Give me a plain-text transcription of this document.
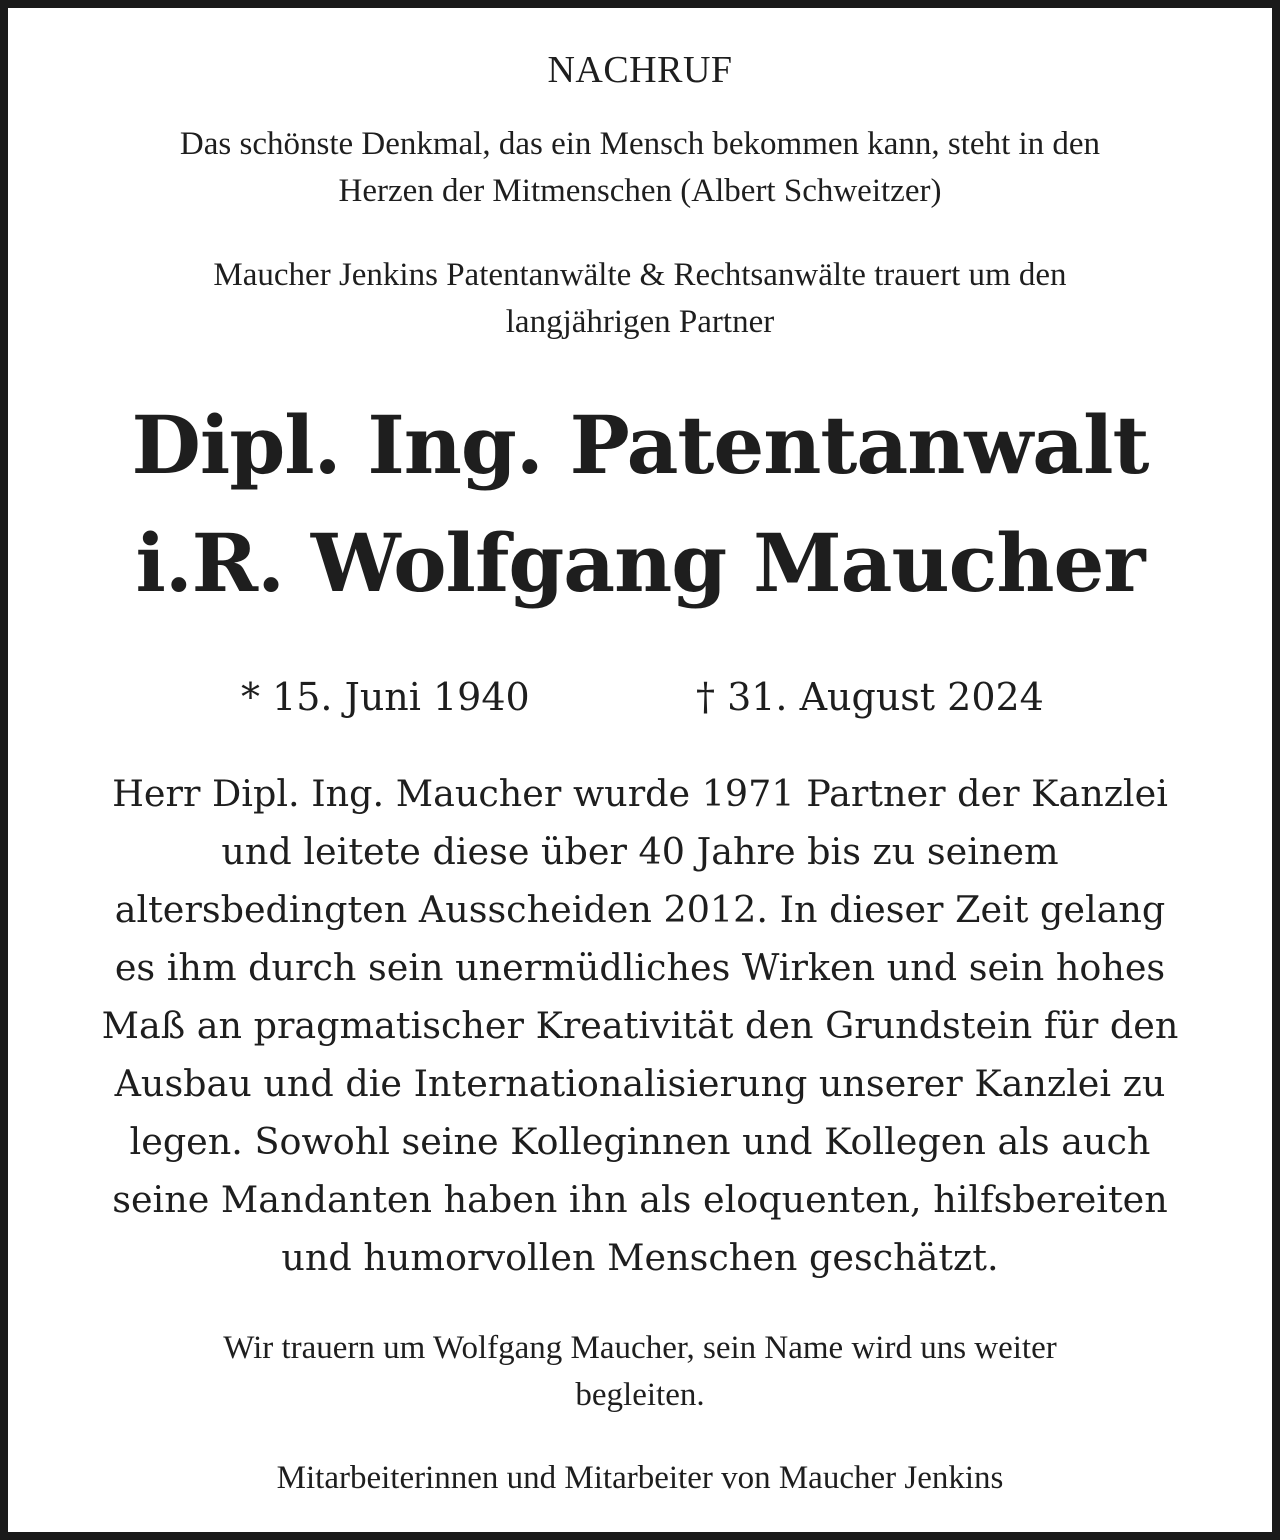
NACHRUF
Das schönste Denkmal, das ein Mensch bekommen kann, steht in den
Herzen der Mitmenschen (Albert Schweitzer)
Maucher Jenkins Patentanwälte & Rechtsanwälte trauert um den
langjährigen Partner
Dipl. Ing. Patentanwalt
i.R. Wolfgang Maucher
* 15. Juni 1940	† 31. August 2024
Herr Dipl. Ing. Maucher wurde 1971 Partner der Kanzlei
und leitete diese über 40 Jahre bis zu seinem
altersbedingten Ausscheiden 2012. In dieser Zeit gelang
es ihm durch sein unermüdliches Wirken und sein hohes
Maß an pragmatischer Kreativität den Grundstein für den
Ausbau und die Internationalisierung unserer Kanzlei zu
legen. Sowohl seine Kolleginnen und Kollegen als auch
seine Mandanten haben ihn als eloquenten, hilfsbereiten
und humorvollen Menschen geschätzt.
Wir trauern um Wolfgang Maucher, sein Name wird uns weiter
begleiten.
Mitarbeiterinnen und Mitarbeiter von Maucher Jenkins
